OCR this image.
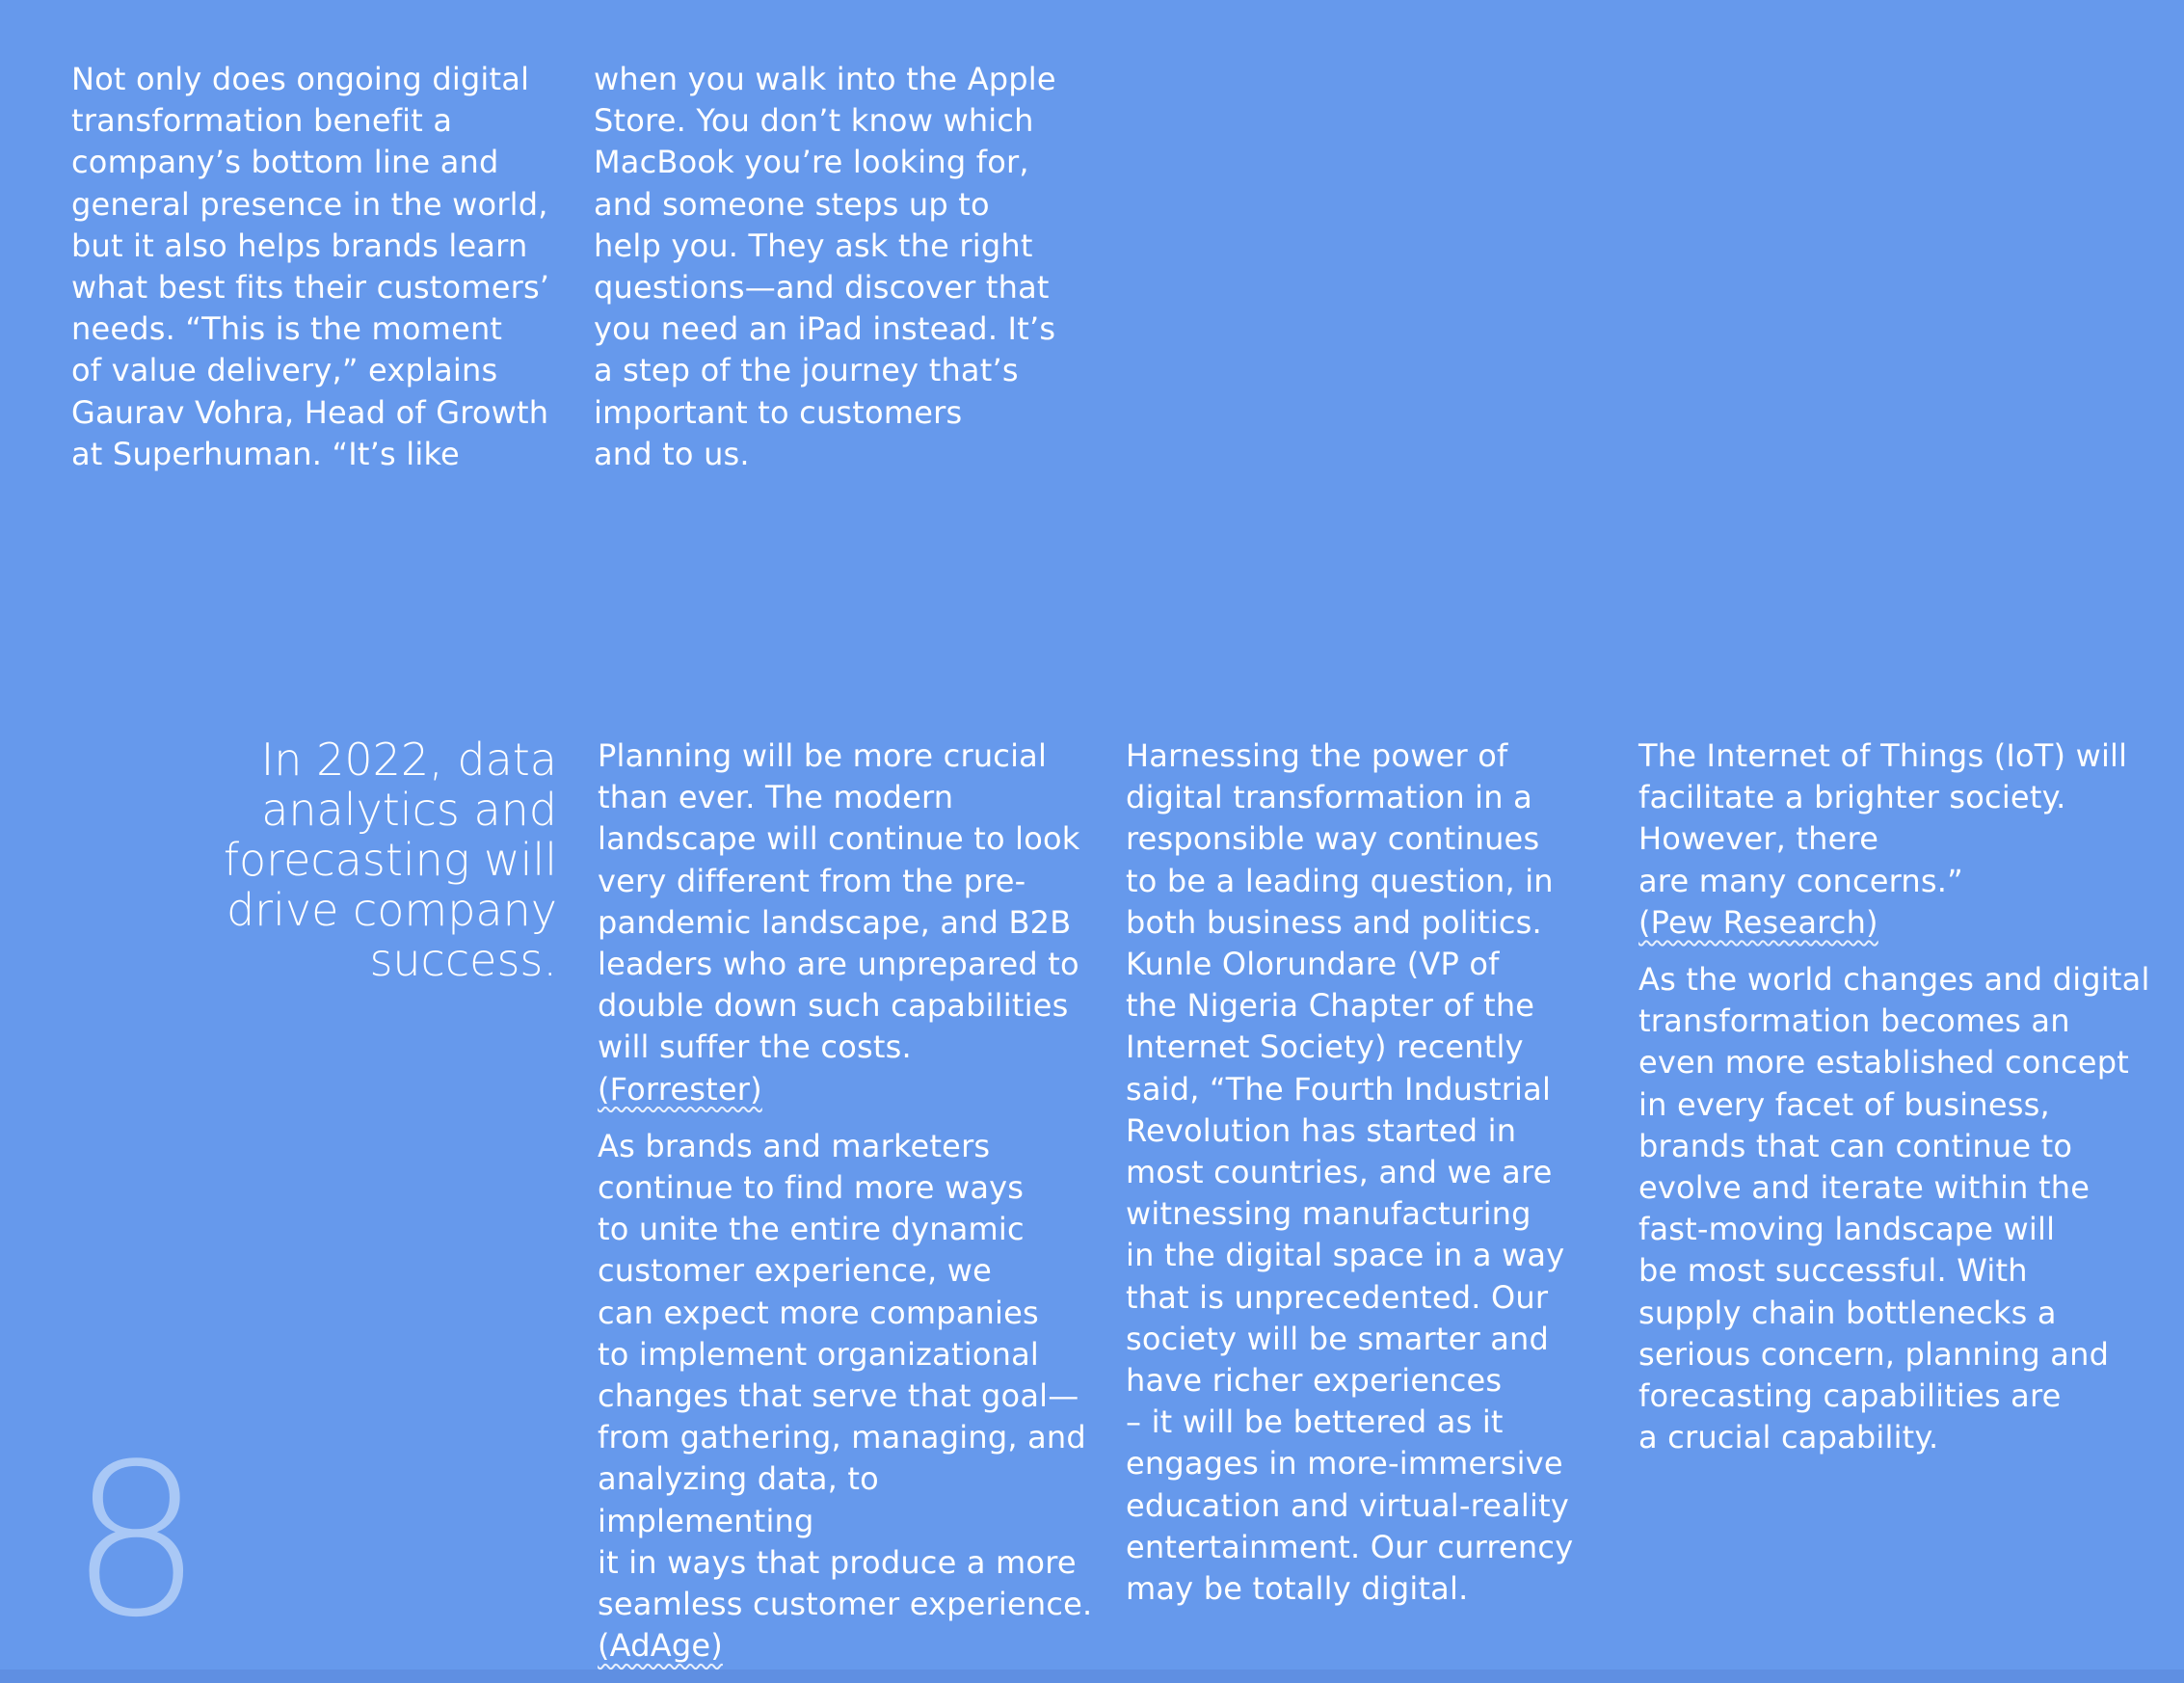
Not only does ongoing digital
transformation benefit a
company’s bottom line and
general presence in the world,
but it also helps brands learn
what best fits their customers’
needs. “This is the moment
of value delivery,” explains
Gaurav Vohra, Head of Growth
at Superhuman. “It’s like

when you walk into the Apple
Store. You don’t know which
MacBook you’re looking for,
and someone steps up to
help you. They ask the right
questions—and discover that
you need an iPad instead. It’s
a step of the journey that’s
important to customers
and to us.

In 2022, data
analytics and
forecasting will
drive company
success.

Planning will be more crucial
than ever. The modern
landscape will continue to look
very different from the pre-
pandemic landscape, and B2B
leaders who are unprepared to
double down such capabilities
will suffer the costs.
(Forrester)

As brands and marketers
continue to find more ways
to unite the entire dynamic
customer experience, we
can expect more companies
to implement organizational
changes that serve that goal—
from gathering, managing, and
analyzing data, to implementing
it in ways that produce a more
seamless customer experience.
(AdAge)

Harnessing the power of
digital transformation in a
responsible way continues
to be a leading question, in
both business and politics.
Kunle Olorundare (VP of
the Nigeria Chapter of the
Internet Society) recently
said, “The Fourth Industrial
Revolution has started in
most countries, and we are
witnessing manufacturing
in the digital space in a way
that is unprecedented. Our
society will be smarter and
have richer experiences
– it will be bettered as it
engages in more-immersive
education and virtual-reality
entertainment. Our currency
may be totally digital.

The Internet of Things (IoT) will
facilitate a brighter society.
However, there
are many concerns.”
(Pew Research)

As the world changes and digital
transformation becomes an
even more established concept
in every facet of business,
brands that can continue to
evolve and iterate within the
fast-moving landscape will
be most successful. With
supply chain bottlenecks a
serious concern, planning and
forecasting capabilities are
a crucial capability.

8
